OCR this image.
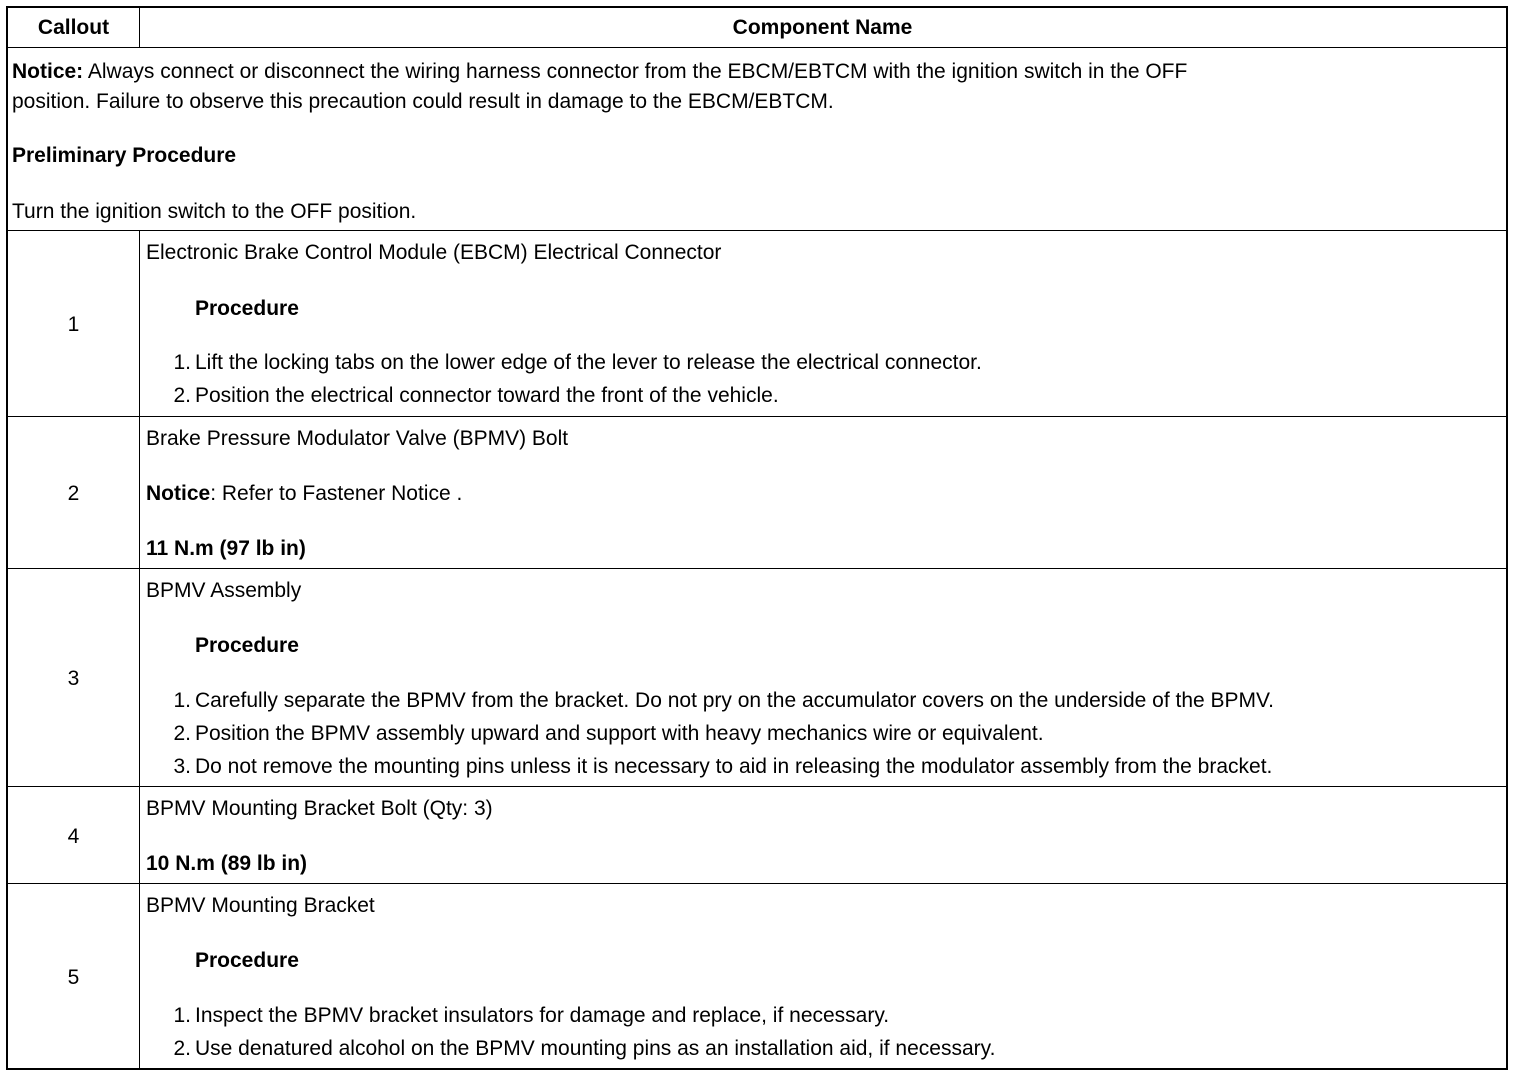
Callout	Component Name
Notice: Always connect or disconnect the wiring harness connector from the EBCM/EBTCM with the ignition switch in the OFF
position. Failure to observe this precaution could result in damage to the EBCM/EBTCM.
Preliminary Procedure
Turn the ignition switch to the OFF position.
1
Electronic Brake Control Module (EBCM) Electrical Connector
Procedure
1. Lift the locking tabs on the lower edge of the lever to release the electrical connector.
2. Position the electrical connector toward the front of the vehicle.
2
Brake Pressure Modulator Valve (BPMV) Bolt
Notice: Refer to Fastener Notice .
11 N.m (97 lb in)
3
BPMV Assembly
Procedure
1. Carefully separate the BPMV from the bracket. Do not pry on the accumulator covers on the underside of the BPMV.
2. Position the BPMV assembly upward and support with heavy mechanics wire or equivalent.
3. Do not remove the mounting pins unless it is necessary to aid in releasing the modulator assembly from the bracket.
4
BPMV Mounting Bracket Bolt (Qty: 3)
10 N.m (89 lb in)
5
BPMV Mounting Bracket
Procedure
1. Inspect the BPMV bracket insulators for damage and replace, if necessary.
2. Use denatured alcohol on the BPMV mounting pins as an installation aid, if necessary.
